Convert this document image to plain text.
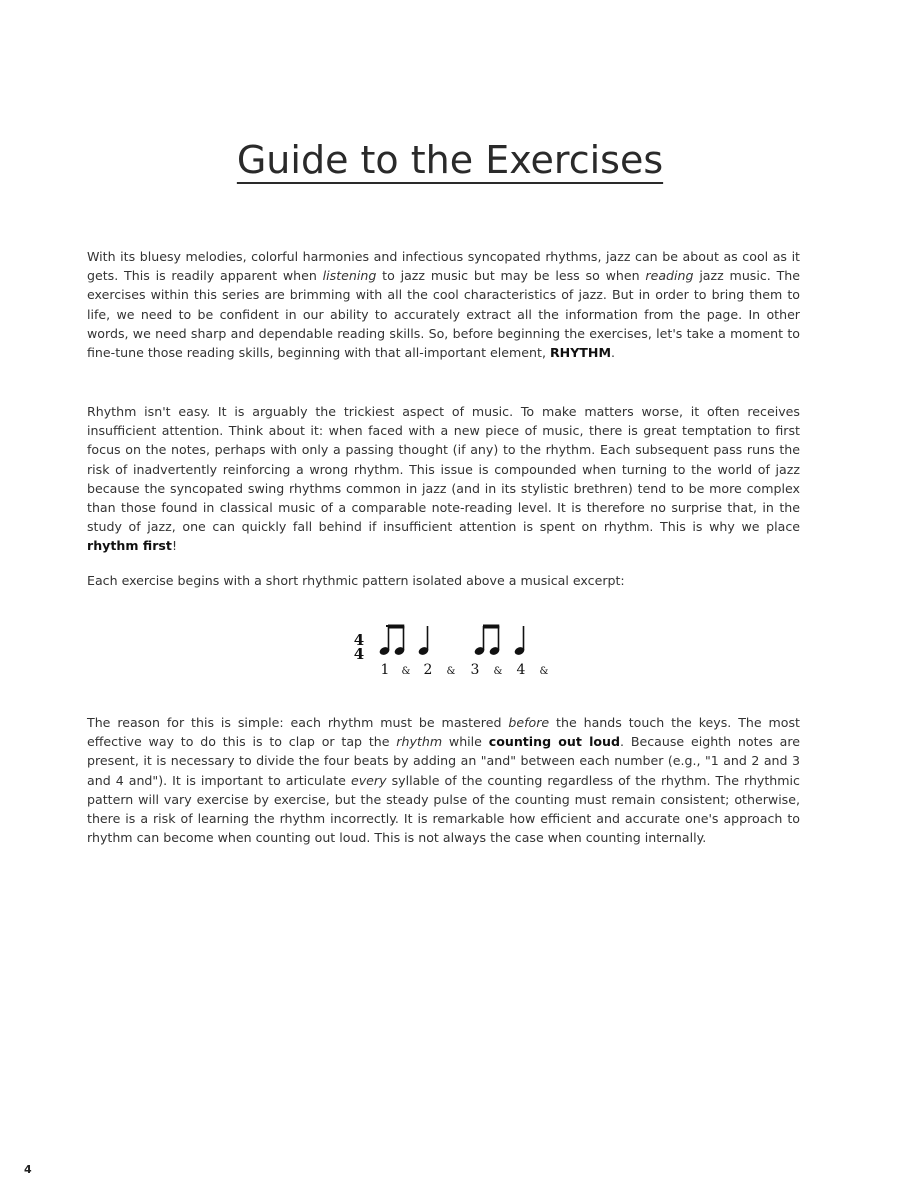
Guide to the Exercises

With its bluesy melodies, colorful harmonies and infectious syncopated rhythms, jazz can be about as cool as it gets. This is readily apparent when listening to jazz music but may be less so when reading jazz music. The exercises within this series are brimming with all the cool characteristics of jazz. But in order to bring them to life, we need to be confident in our ability to accurately extract all the information from the page. In other words, we need sharp and dependable reading skills. So, before beginning the exercises, let's take a moment to fine-tune those reading skills, beginning with that all-important element, RHYTHM.

Rhythm isn't easy. It is arguably the trickiest aspect of music. To make matters worse, it often receives insufficient attention. Think about it: when faced with a new piece of music, there is great temptation to first focus on the notes, perhaps with only a passing thought (if any) to the rhythm. Each subsequent pass runs the risk of inadvertently reinforcing a wrong rhythm. This issue is compounded when turning to the world of jazz because the syncopated swing rhythms common in jazz (and in its stylistic brethren) tend to be more complex than those found in classical music of a comparable note-reading level. It is therefore no surprise that, in the study of jazz, one can quickly fall behind if insufficient attention is spent on rhythm. This is why we place rhythm first!

Each exercise begins with a short rhythmic pattern isolated above a musical excerpt:

4
4
1 & 2 & 3 & 4 &

The reason for this is simple: each rhythm must be mastered before the hands touch the keys. The most effective way to do this is to clap or tap the rhythm while counting out loud. Because eighth notes are present, it is necessary to divide the four beats by adding an "and" between each number (e.g., "1 and 2 and 3 and 4 and"). It is important to articulate every syllable of the counting regardless of the rhythm. The rhythmic pattern will vary exercise by exercise, but the steady pulse of the counting must remain consistent; otherwise, there is a risk of learning the rhythm incorrectly. It is remarkable how efficient and accurate one's approach to rhythm can become when counting out loud. This is not always the case when counting internally.

4
